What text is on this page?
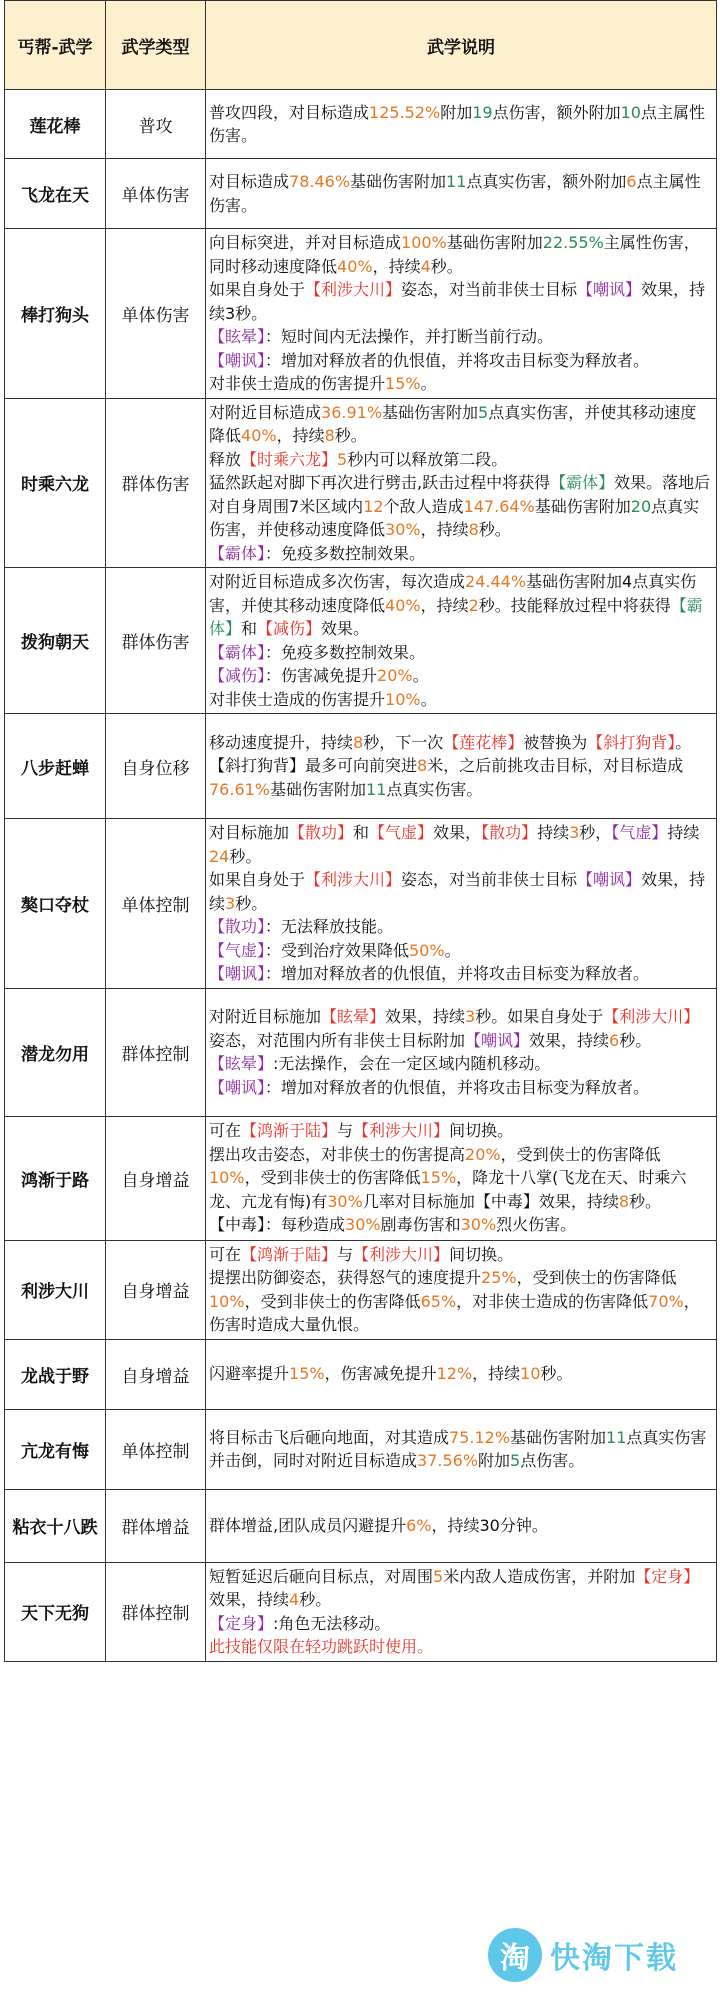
丐帮-武学	武学类型	武学说明
莲花棒	普攻	普攻四段，对目标造成125.52%附加19点伤害，额外附加10点主属性伤害。
飞龙在天	单体伤害	对目标造成78.46%基础伤害附加11点真实伤害，额外附加6点主属性伤害。
棒打狗头	单体伤害	向目标突进，并对目标造成100%基础伤害附加22.55%主属性伤害，同时移动速度降低40%，持续4秒。
如果自身处于【利涉大川】姿态，对当前非侠士目标【嘲讽】效果，持续3秒。
【眩晕】：短时间内无法操作，并打断当前行动。
【嘲讽】：增加对释放者的仇恨值，并将攻击目标变为释放者。
对非侠士造成的伤害提升15%。
时乘六龙	群体伤害	对附近目标造成36.91%基础伤害附加5点真实伤害，并使其移动速度降低40%，持续8秒。
释放【时乘六龙】5秒内可以释放第二段。
猛然跃起对脚下再次进行劈击,跃击过程中将获得【霸体】效果。落地后对自身周围7米区域内12个敌人造成147.64%基础伤害附加20点真实伤害，并使移动速度降低30%，持续8秒。
【霸体】：免疫多数控制效果。
拨狗朝天	群体伤害	对附近目标造成多次伤害，每次造成24.44%基础伤害附加4点真实伤害，并使其移动速度降低40%，持续2秒。技能释放过程中将获得【霸体】和【减伤】效果。
【霸体】：免疫多数控制效果。
【减伤】：伤害减免提升20%。
对非侠士造成的伤害提升10%。
八步赶蝉	自身位移	移动速度提升，持续8秒，下一次【莲花棒】被替换为【斜打狗背】。
【斜打狗背】最多可向前突进8米，之后前挑攻击目标，对目标造成76.61%基础伤害附加11点真实伤害。
獒口夺杖	单体控制	对目标施加【散功】和【气虚】效果，【散功】持续3秒，【气虚】持续24秒。
如果自身处于【利涉大川】姿态，对当前非侠士目标【嘲讽】效果，持续3秒。
【散功】：无法释放技能。
【气虚】：受到治疗效果降低50%。
【嘲讽】：增加对释放者的仇恨值，并将攻击目标变为释放者。
潜龙勿用	群体控制	对附近目标施加【眩晕】效果，持续3秒。如果自身处于【利涉大川】姿态，对范围内所有非侠士目标附加【嘲讽】效果，持续6秒。
【眩晕】:无法操作，会在一定区域内随机移动。
【嘲讽】：增加对释放者的仇恨值，并将攻击目标变为释放者。
鸿渐于路	自身增益	可在【鸿渐于陆】与【利涉大川】间切换。
摆出攻击姿态，对非侠士的伤害提高20%，受到侠士的伤害降低10%，受到非侠士的伤害降低15%，降龙十八掌(飞龙在天、时乘六龙、亢龙有悔)有30%几率对目标施加【中毒】效果，持续8秒。
【中毒】：每秒造成30%剧毒伤害和30%烈火伤害。
利涉大川	自身增益	可在【鸿渐于陆】与【利涉大川】间切换。
提摆出防御姿态，获得怒气的速度提升25%，受到侠士的伤害降低10%，受到非侠士的伤害降低65%，对非侠士造成的伤害降低70%，伤害时造成大量仇恨。
龙战于野	自身增益	闪避率提升15%，伤害减免提升12%，持续10秒。
亢龙有悔	单体控制	将目标击飞后砸向地面，对其造成75.12%基础伤害附加11点真实伤害并击倒，同时对附近目标造成37.56%附加5点伤害。
粘衣十八跌	群体增益	群体增益,团队成员闪避提升6%，持续30分钟。
天下无狗	群体控制	短暂延迟后砸向目标点，对周围5米内敌人造成伤害，并附加【定身】效果，持续4秒。
【定身】:角色无法移动。
此技能仅限在轻功跳跃时使用。
淘 快淘下载
